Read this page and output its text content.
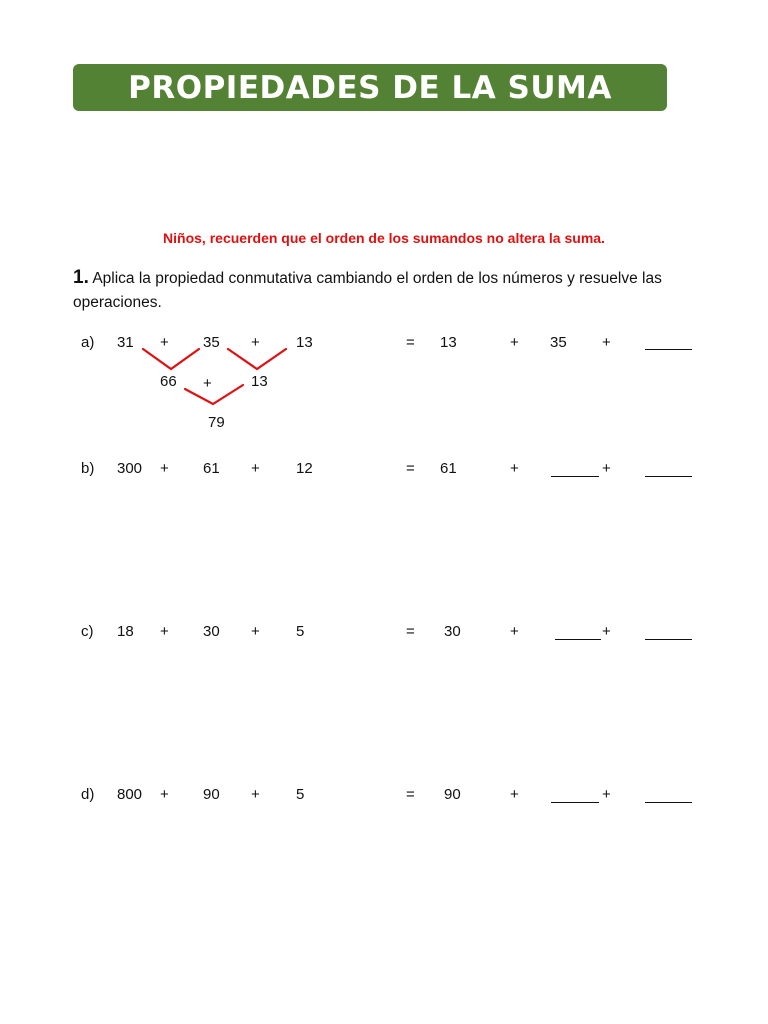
PROPIEDADES DE LA SUMA
Niños, recuerden que el orden de los sumandos no altera la suma.
1. Aplica la propiedad conmutativa cambiando el orden de los números y resuelve las operaciones.
a) 31 + 35 + 13	= 13	+ 35 +
66 +	13
79
b) 300 + 61 + 12	= 61	+	+
c) 18 + 30 + 5	= 30	+	+
d) 800 + 90 + 5	= 90	+	+
